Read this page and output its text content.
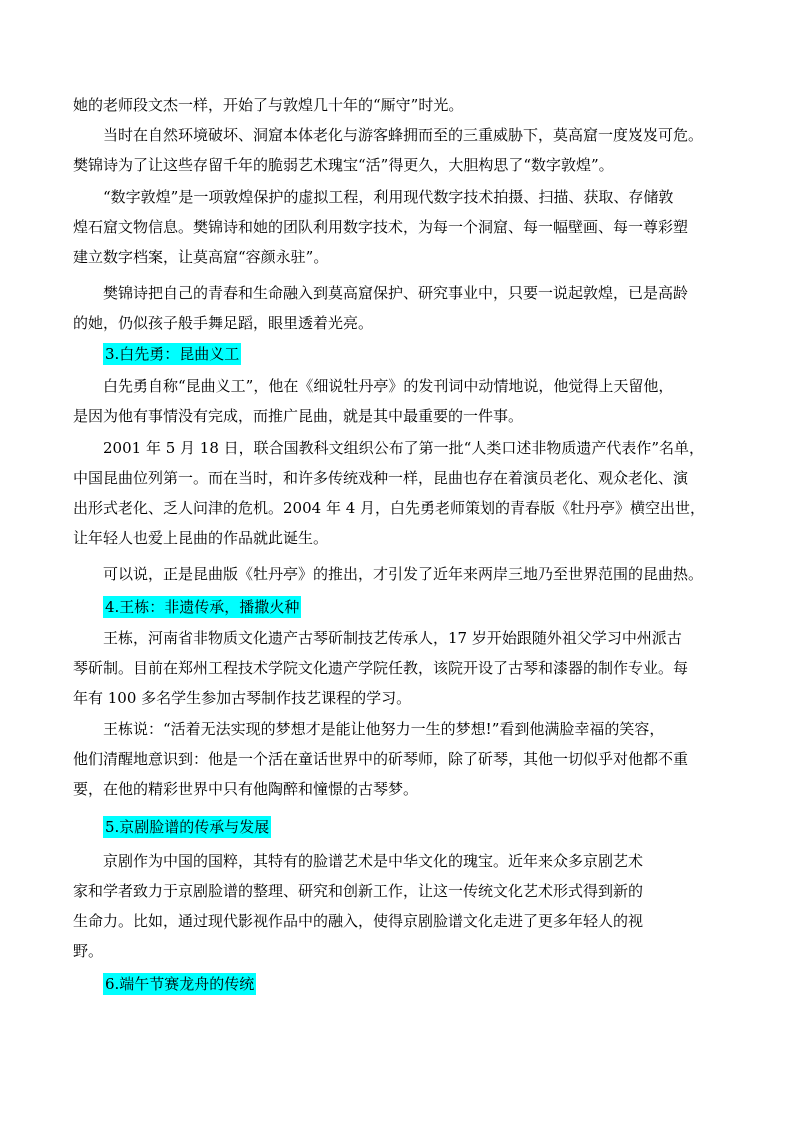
她的老师段文杰一样，开始了与敦煌几十年的“厮守”时光。

当时在自然环境破坏、洞窟本体老化与游客蜂拥而至的三重威胁下，莫高窟一度岌岌可危。
樊锦诗为了让这些存留千年的脆弱艺术瑰宝“活”得更久，大胆构思了“数字敦煌”。

“数字敦煌”是一项敦煌保护的虚拟工程，利用现代数字技术拍摄、扫描、获取、存储敦
煌石窟文物信息。樊锦诗和她的团队利用数字技术，为每一个洞窟、每一幅壁画、每一尊彩塑
建立数字档案，让莫高窟“容颜永驻”。

樊锦诗把自己的青春和生命融入到莫高窟保护、研究事业中，只要一说起敦煌，已是高龄
的她，仍似孩子般手舞足蹈，眼里透着光亮。

3.白先勇：昆曲义工

白先勇自称“昆曲义工”，他在《细说牡丹亭》的发刊词中动情地说，他觉得上天留他，
是因为他有事情没有完成，而推广昆曲，就是其中最重要的一件事。

2001 年 5 月 18 日，联合国教科文组织公布了第一批“人类口述非物质遗产代表作”名单，
中国昆曲位列第一。而在当时，和许多传统戏种一样，昆曲也存在着演员老化、观众老化、演
出形式老化、乏人问津的危机。2004 年 4 月，白先勇老师策划的青春版《牡丹亭》横空出世，
让年轻人也爱上昆曲的作品就此诞生。

可以说，正是昆曲版《牡丹亭》的推出，才引发了近年来两岸三地乃至世界范围的昆曲热。

4.王栋：非遗传承，播撒火种

王栋，河南省非物质文化遗产古琴斫制技艺传承人，17 岁开始跟随外祖父学习中州派古
琴斫制。目前在郑州工程技术学院文化遗产学院任教，该院开设了古琴和漆器的制作专业。每
年有 100 多名学生参加古琴制作技艺课程的学习。

王栋说：“活着无法实现的梦想才是能让他努力一生的梦想!”看到他满脸幸福的笑容，
他们清醒地意识到：他是一个活在童话世界中的斫琴师，除了斫琴，其他一切似乎对他都不重
要，在他的精彩世界中只有他陶醉和憧憬的古琴梦。

5.京剧脸谱的传承与发展

京剧作为中国的国粹，其特有的脸谱艺术是中华文化的瑰宝。近年来众多京剧艺术
家和学者致力于京剧脸谱的整理、研究和创新工作，让这一传统文化艺术形式得到新的
生命力。比如，通过现代影视作品中的融入，使得京剧脸谱文化走进了更多年轻人的视
野。

6.端午节赛龙舟的传统
